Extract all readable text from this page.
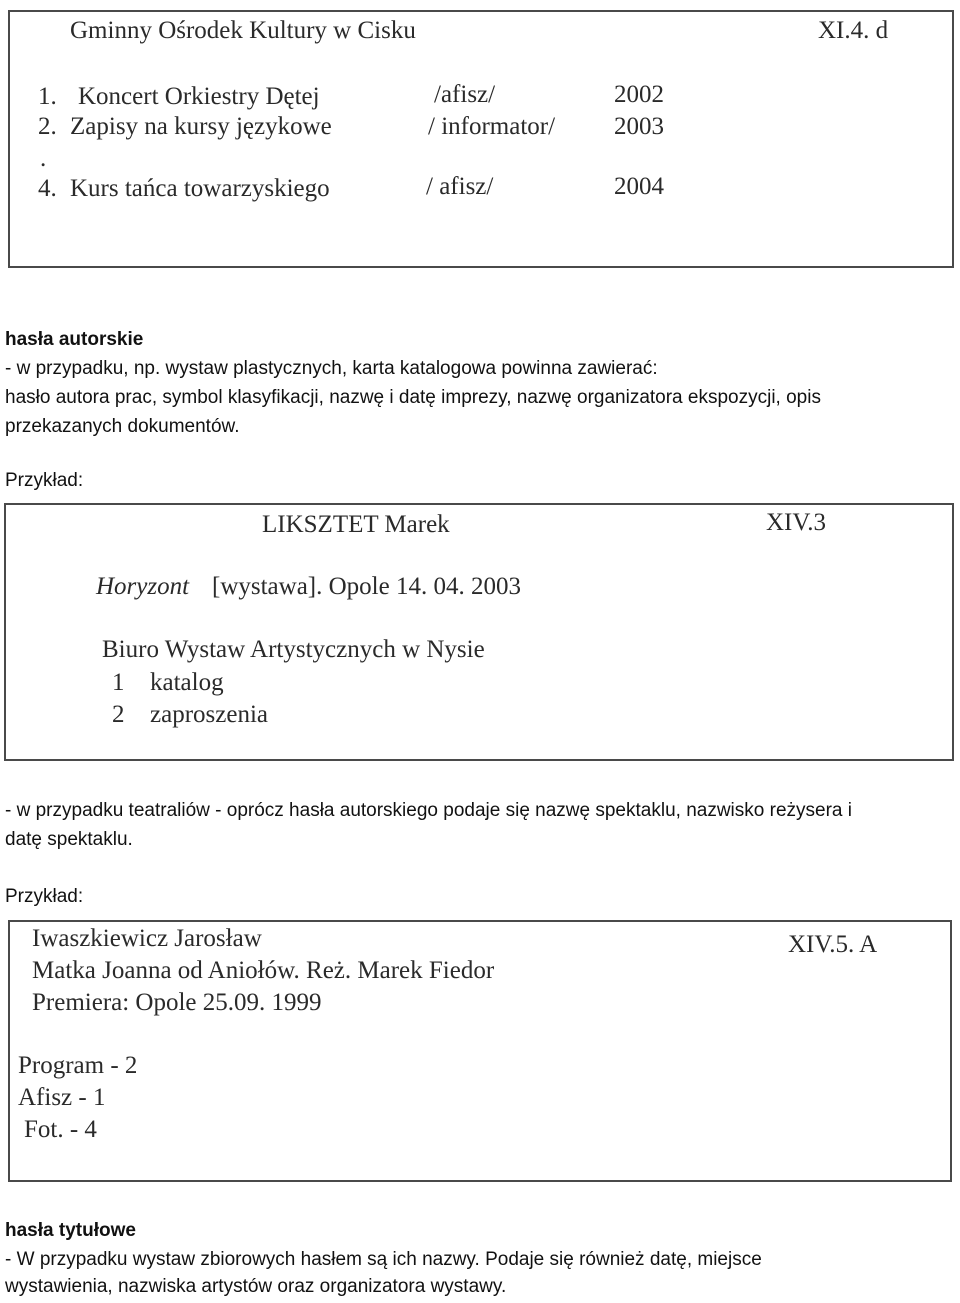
Gminny Ośrodek Kultury w Cisku	XI.4. d
1. Koncert Orkiestry Dętej	/afisz/	2002
2. Zapisy na kursy językowe	/ informator/ 2003
.
4. Kurs tańca towarzyskiego	/ afisz/	2004
hasła autorskie
- w przypadku, np. wystaw plastycznych, karta katalogowa powinna zawierać:
hasło autora prac, symbol klasyfikacji, nazwę i datę imprezy, nazwę organizatora ekspozycji, opis
przekazanych dokumentów.
Przykład:
LIKSZTET Marek	XIV.3
Horyzont [wystawa]. Opole 14. 04. 2003
Biuro Wystaw Artystycznych w Nysie
1 katalog
2 zaproszenia
- w przypadku teatraliów - oprócz hasła autorskiego podaje się nazwę spektaklu, nazwisko reżysera i
datę spektaklu.
Przykład:
Iwaszkiewicz Jarosław	XIV.5. A
Matka Joanna od Aniołów. Reż. Marek Fiedor
Premiera: Opole 25.09. 1999
Program - 2
Afisz - 1
Fot. - 4
hasła tytułowe
- W przypadku wystaw zbiorowych hasłem są ich nazwy. Podaje się również datę, miejsce
wystawienia, nazwiska artystów oraz organizatora wystawy.
